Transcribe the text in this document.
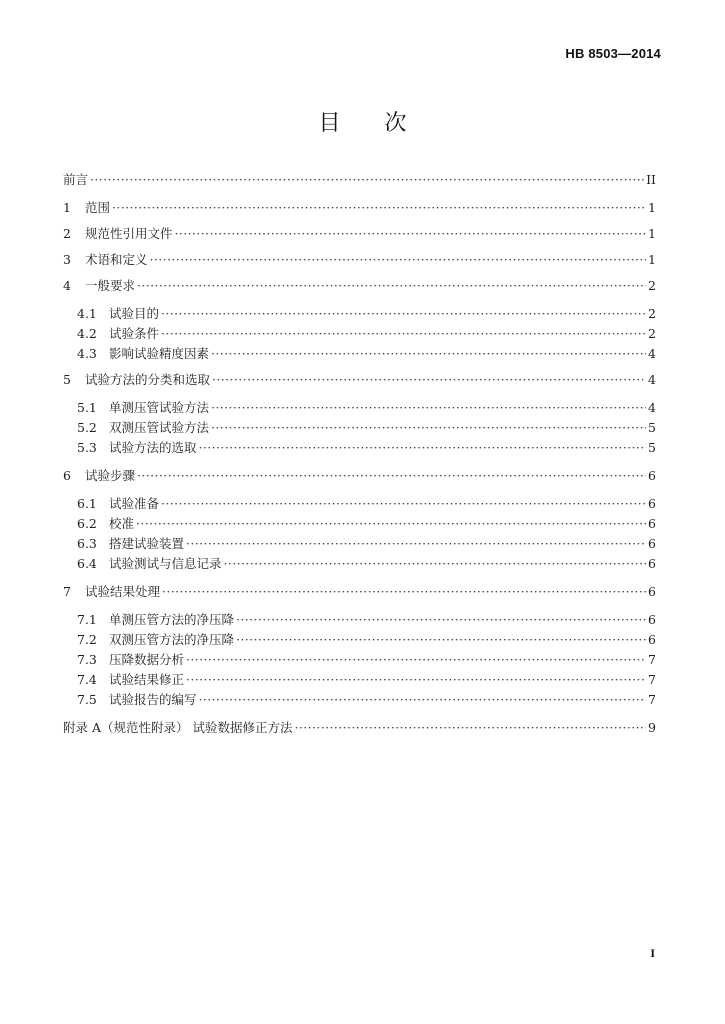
HB 8503—2014
目次
前言 ·····	II
1	范围 ·····	1
2	规范性引用文件 ·····	1
3	术语和定义 ·····	1
4	一般要求 ·····	2
4.1 试验目的 ·····	2
4.2 试验条件 ·····	2
4.3 影响试验精度因素 ·····	4
5	试验方法的分类和选取 ·····	4
5.1 单测压管试验方法 ·····	4
5.2 双测压管试验方法 ·····	5
5.3 试验方法的选取 ·····	5
6	试验步骤 ·····	6
6.1 试验准备 ·····	6
6.2 校准 ·····	6
6.3 搭建试验装置 ·····	6
6.4 试验测试与信息记录 ·····	6
7	试验结果处理 ·····	6
7.1 单测压管方法的净压降 ·····	6
7.2 双测压管方法的净压降 ·····	6
7.3 压降数据分析 ·····	7
7.4 试验结果修正 ·····	7
7.5 试验报告的编写 ·····	7
附录 A（规范性附录） 试验数据修正方法 ·····	9
I
